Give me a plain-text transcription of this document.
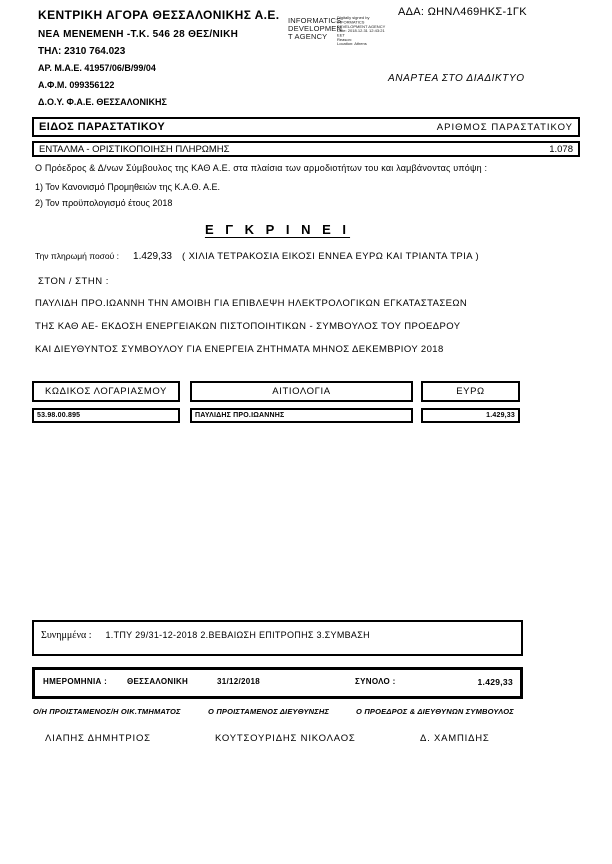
ΚΕΝΤΡΙΚΗ ΑΓΟΡΑ ΘΕΣΣΑΛΟΝΙΚΗΣ Α.Ε.
ΝΕΑ ΜΕΝΕΜΕΝΗ -Τ.Κ. 546 28 ΘΕΣ/ΝΙΚΗ
ΤΗΛ: 2310 764.023
ΑΡ. Μ.Α.Ε. 41957/06/Β/99/04
Α.Φ.Μ. 099356122
Δ.Ο.Υ. Φ.Α.Ε. ΘΕΣΣΑΛΟΝΙΚΗΣ
ΑΔΑ: ΩΗΝΛ469ΗΚΣ-1ΓΚ
INFORMATICS
DEVELOPMEN
T AGENCY
Digitally signed by
INFORMATICS
DEVELOPMENT AGENCY
Date: 2018.12.31 12:43:21
EET
Reason:
Location: Athens
ΑΝΑΡΤΕΑ ΣΤΟ ΔΙΑΔΙΚΤΥΟ
ΕΙΔΟΣ ΠΑΡΑΣΤΑΤΙΚΟΥ	ΑΡΙΘΜΟΣ ΠΑΡΑΣΤΑΤΙΚΟΥ
ΕΝΤΑΛΜΑ - ΟΡΙΣΤΙΚΟΠΟΙΗΣΗ ΠΛΗΡΩΜΗΣ	1.078
Ο Πρόεδρος & Δ/νων Σύμβουλος της ΚΑΘ Α.Ε. στα πλαίσια των αρμοδιοτήτων του και λαμβάνοντας υπόψη :
1) Τον Κανονισμό Προμηθειών της Κ.Α.Θ. Α.Ε.
2) Τον προϋπολογισμό έτους 2018
Ε Γ Κ Ρ Ι Ν Ε Ι
Την πληρωμή ποσού : 1.429,33 ( ΧΙΛΙΑ ΤΕΤΡΑΚΟΣΙΑ ΕΙΚΟΣΙ ΕΝΝΕΑ ΕΥΡΩ ΚΑΙ ΤΡΙΑΝΤΑ ΤΡΙΑ )
ΣΤΟΝ / ΣΤΗΝ :
ΠΑΥΛΙΔΗ ΠΡΟ.ΙΩΑΝΝΗ ΤΗΝ ΑΜΟΙΒΗ ΓΙΑ ΕΠΙΒΛΕΨΗ ΗΛΕΚΤΡΟΛΟΓΙΚΩΝ ΕΓΚΑΤΑΣΤΑΣΕΩΝ
ΤΗΣ ΚΑΘ ΑΕ- ΕΚΔΟΣΗ ΕΝΕΡΓΕΙΑΚΩΝ ΠΙΣΤΟΠΟΙΗΤΙΚΩΝ - ΣΥΜΒΟΥΛΟΣ ΤΟΥ ΠΡΟΕΔΡΟΥ
ΚΑΙ ΔΙΕΥΘΥΝΤΟΣ ΣΥΜΒΟΥΛΟΥ ΓΙΑ ΕΝΕΡΓΕΙΑ ΖΗΤΗΜΑΤΑ ΜΗΝΟΣ ΔΕΚΕΜΒΡΙΟΥ 2018
ΚΩΔΙΚΟΣ ΛΟΓΑΡΙΑΣΜΟΥ	ΑΙΤΙΟΛΟΓΙΑ	ΕΥΡΩ
53.98.00.895	ΠΑΥΛΙΔΗΣ ΠΡΟ.ΙΩΑΝΝΗΣ	1.429,33
Συνημμένα : 1.ΤΠΥ 29/31-12-2018 2.ΒΕΒΑΙΩΣΗ ΕΠΙΤΡΟΠΗΣ 3.ΣΥΜΒΑΣΗ
ΗΜΕΡΟΜΗΝΙΑ : ΘΕΣΣΑΛΟΝΙΚΗ	31/12/2018	ΣΥΝΟΛΟ :	1.429,33
Ο/Η ΠΡΟΙΣΤΑΜΕΝΟΣ/Η ΟΙΚ.ΤΜΗΜΑΤΟΣ	Ο ΠΡΟΙΣΤΑΜΕΝΟΣ ΔΙΕΥΘΥΝΣΗΣ	Ο ΠΡΟΕΔΡΟΣ & ΔΙΕΥΘΥΝΩΝ ΣΥΜΒΟΥΛΟΣ
ΛΙΑΠΗΣ ΔΗΜΗΤΡΙΟΣ	ΚΟΥΤΣΟΥΡΙΔΗΣ ΝΙΚΟΛΑΟΣ	Δ. ΧΑΜΠΙΔΗΣ
